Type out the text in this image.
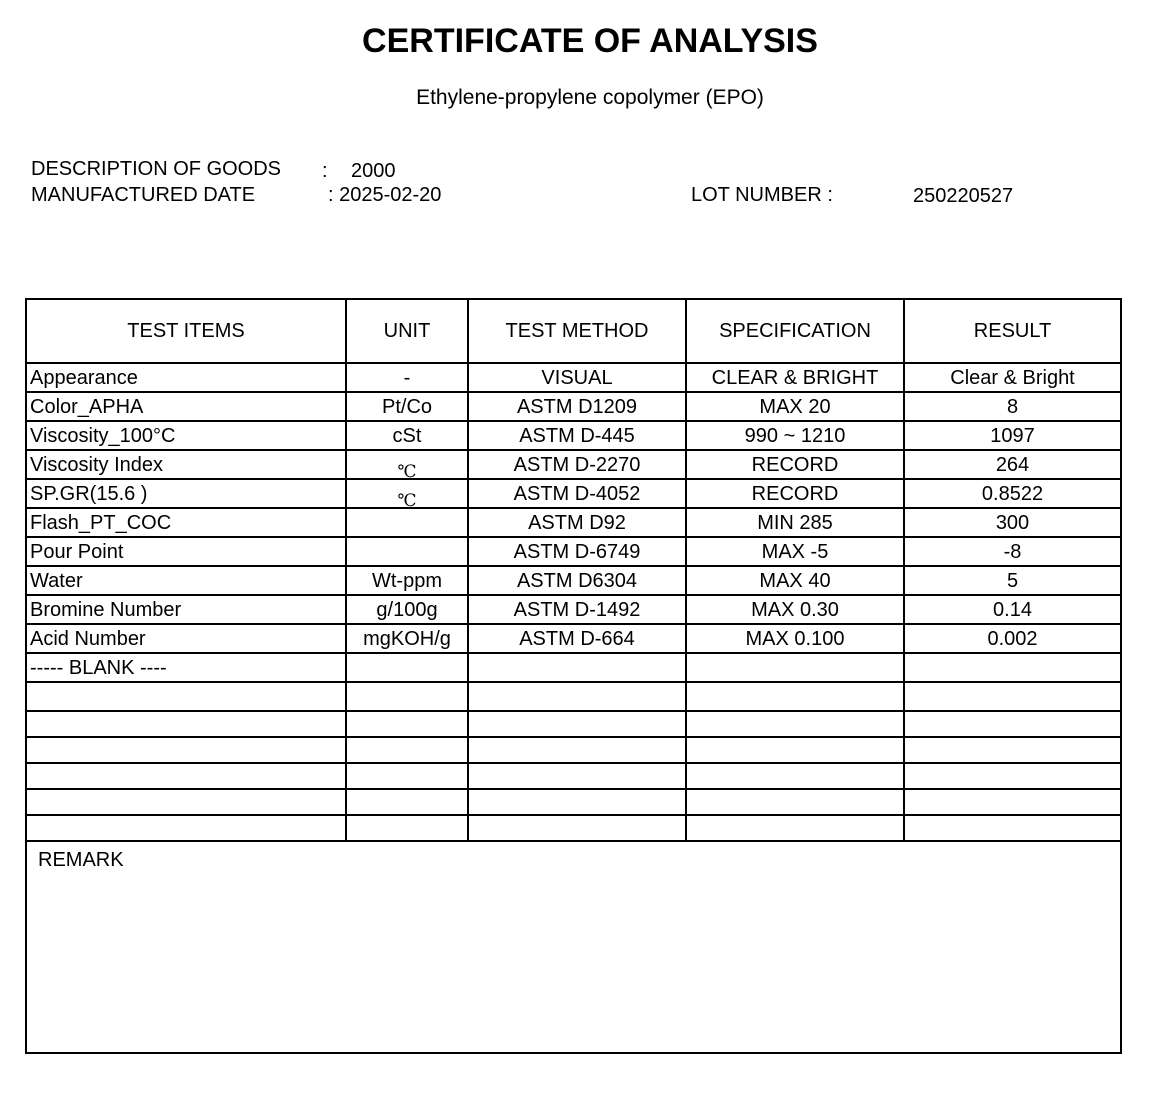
CERTIFICATE OF ANALYSIS
Ethylene-propylene copolymer (EPO)
DESCRIPTION OF GOODS : 2000
MANUFACTURED DATE	: 2025-02-20	LOT NUMBER :	250220527
TEST ITEMS	UNIT	TEST METHOD	SPECIFICATION	RESULT
Appearance	-	VISUAL	CLEAR & BRIGHT	Clear & Bright
Color_APHA	Pt/Co	ASTM D1209	MAX 20	8
Viscosity_100°C	cSt	ASTM D-445	990 ~ 1210	1097
Viscosity Index	℃	ASTM D-2270	RECORD	264
SP.GR(15.6 )	℃	ASTM D-4052	RECORD	0.8522
Flash_PT_COC		ASTM D92	MIN 285	300
Pour Point		ASTM D-6749	MAX -5	-8
Water	Wt-ppm	ASTM D6304	MAX 40	5
Bromine Number	g/100g	ASTM D-1492	MAX 0.30	0.14
Acid Number	mgKOH/g	ASTM D-664	MAX 0.100	0.002
----- BLANK ----				

REMARK				
